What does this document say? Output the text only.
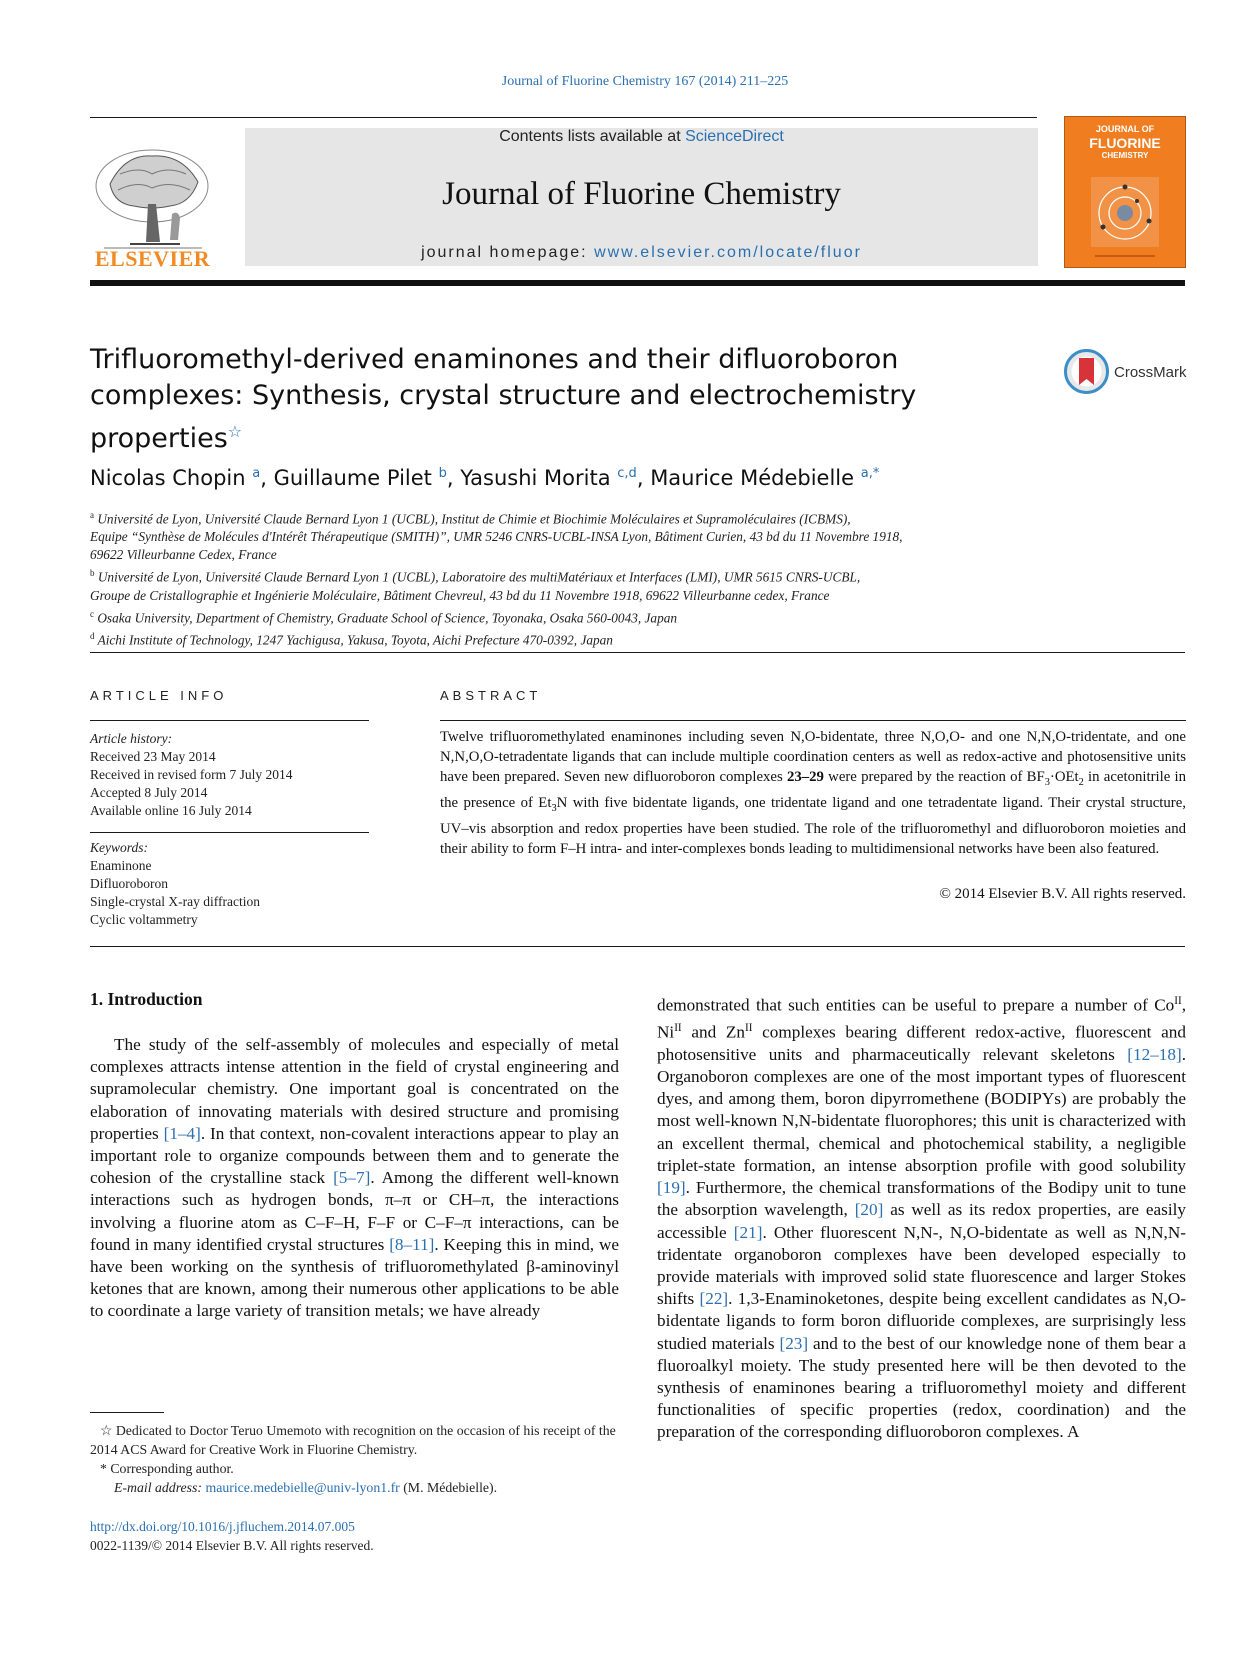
Journal of Fluorine Chemistry 167 (2014) 211–225
ELSEVIER
Contents lists available at ScienceDirect
Journal of Fluorine Chemistry
journal homepage: www.elsevier.com/locate/fluor
JOURNAL OF
FLUORINE
CHEMISTRY
Trifluoromethyl-derived enaminones and their difluoroboron
complexes: Synthesis, crystal structure and electrochemistry
properties☆
CrossMark
Nicolas Chopin $^a$, Guillaume Pilet $^b$, Yasushi Morita $^{c,d}$, Maurice Médebielle $^{a,*}$
$^a$ Université de Lyon, Université Claude Bernard Lyon 1 (UCBL), Institut de Chimie et Biochimie Moléculaires et Supramoléculaires (ICBMS),
Equipe “Synthèse de Molécules d'Intérêt Thérapeutique (SMITH)”, UMR 5246 CNRS-UCBL-INSA Lyon, Bâtiment Curien, 43 bd du 11 Novembre 1918,
69622 Villeurbanne Cedex, France
$^b$ Université de Lyon, Université Claude Bernard Lyon 1 (UCBL), Laboratoire des multiMatériaux et Interfaces (LMI), UMR 5615 CNRS-UCBL,
Groupe de Cristallographie et Ingénierie Moléculaire, Bâtiment Chevreul, 43 bd du 11 Novembre 1918, 69622 Villeurbanne cedex, France
$^c$ Osaka University, Department of Chemistry, Graduate School of Science, Toyonaka, Osaka 560-0043, Japan
$^d$ Aichi Institute of Technology, 1247 Yachigusa, Yakusa, Toyota, Aichi Prefecture 470-0392, Japan
ARTICLE INFO	ABSTRACT
Article history:
Received 23 May 2014
Received in revised form 7 July 2014
Accepted 8 July 2014
Available online 16 July 2014
Keywords:
Enaminone
Difluoroboron
Single-crystal X-ray diffraction
Cyclic voltammetry
Twelve trifluoromethylated enaminones including seven N,O-bidentate, three N,O,O- and one N,N,O-tridentate, and one N,N,O,O-tetradentate ligands that can include multiple coordination centers as well as redox-active and photosensitive units have been prepared. Seven new difluoroboron complexes 23–29 were prepared by the reaction of $BF_3\cdot OEt_2$ in acetonitrile in the presence of $Et_3N$ with five bidentate ligands, one tridentate ligand and one tetradentate ligand. Their crystal structure, UV–vis absorption and redox properties have been studied. The role of the trifluoromethyl and difluoroboron moieties and their ability to form F–H intra- and inter-complexes bonds leading to multidimensional networks have been also featured.
© 2014 Elsevier B.V. All rights reserved.
1. Introduction
The study of the self-assembly of molecules and especially of metal complexes attracts intense attention in the field of crystal engineering and supramolecular chemistry. One important goal is concentrated on the elaboration of innovating materials with desired structure and promising properties [1–4]. In that context, non-covalent interactions appear to play an important role to organize compounds between them and to generate the cohesion of the crystalline stack [5–7]. Among the different well-known interactions such as hydrogen bonds, π–π or CH–π, the interactions involving a fluorine atom as C–F–H, F–F or C–F–π interactions, can be found in many identified crystal structures [8–11]. Keeping this in mind, we have been working on the synthesis of trifluoromethylated β-aminovinyl ketones that are known, among their numerous other applications to be able to coordinate a large variety of transition metals; we have already
demonstrated that such entities can be useful to prepare a number of $Co^{II}$, $Ni^{II}$ and $Zn^{II}$ complexes bearing different redox-active, fluorescent and photosensitive units and pharmaceutically relevant skeletons [12–18]. Organoboron complexes are one of the most important types of fluorescent dyes, and among them, boron dipyrromethene (BODIPYs) are probably the most well-known N,N-bidentate fluorophores; this unit is characterized with an excellent thermal, chemical and photochemical stability, a negligible triplet-state formation, an intense absorption profile with good solubility [19]. Furthermore, the chemical transformations of the Bodipy unit to tune the absorption wavelength, [20] as well as its redox properties, are easily accessible [21]. Other fluorescent N,N-, N,O-bidentate as well as N,N,N-tridentate organoboron complexes have been developed especially to provide materials with improved solid state fluorescence and larger Stokes shifts [22]. 1,3-Enaminoketones, despite being excellent candidates as N,O-bidentate ligands to form boron difluoride complexes, are surprisingly less studied materials [23] and to the best of our knowledge none of them bear a fluoroalkyl moiety. The study presented here will be then devoted to the synthesis of enaminones bearing a trifluoromethyl moiety and different functionalities of specific properties (redox, coordination) and the preparation of the corresponding difluoroboron complexes. A
☆ Dedicated to Doctor Teruo Umemoto with recognition on the occasion of his receipt of the 2014 ACS Award for Creative Work in Fluorine Chemistry.
* Corresponding author.
E-mail address: maurice.medebielle@univ-lyon1.fr (M. Médebielle).
http://dx.doi.org/10.1016/j.jfluchem.2014.07.005
0022-1139/© 2014 Elsevier B.V. All rights reserved.
